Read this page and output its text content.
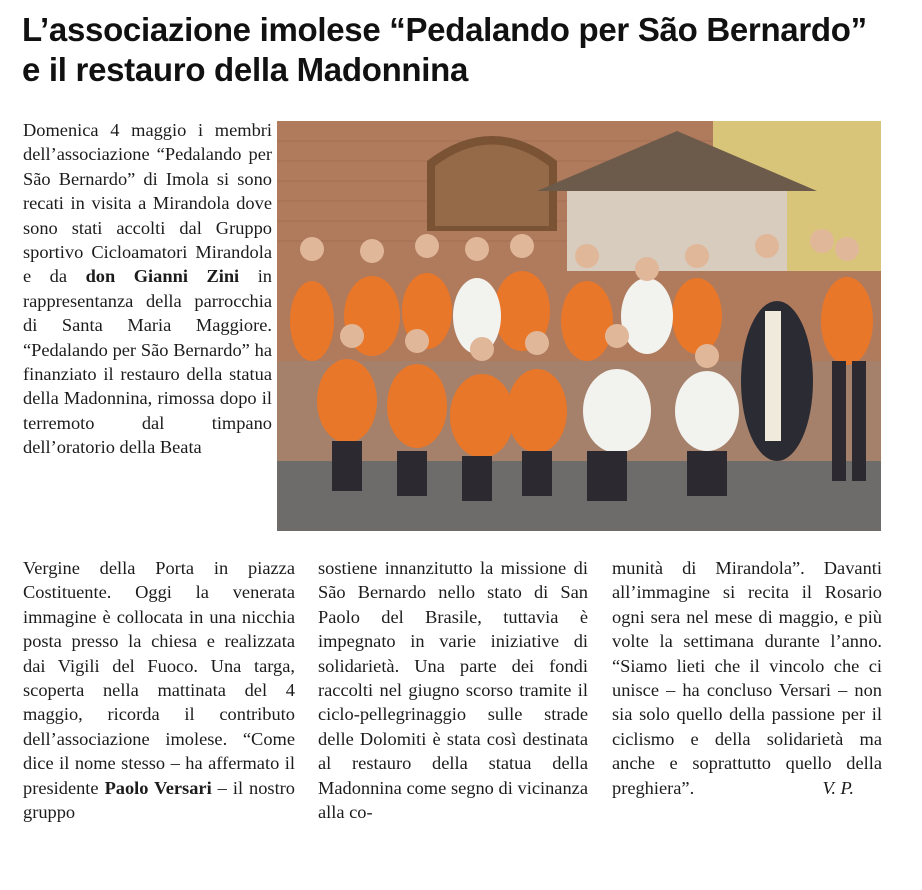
L’associazione imolese “Pedalando per São Bernardo”
e il restauro della Madonnina

Domenica 4 maggio i membri dell’associazione “Pedalando per São Bernardo” di Imola si sono recati in visita a Mirandola dove sono stati accolti dal Gruppo sportivo Cicloamatori Mirandola e da don Gianni Zini in rappresentanza della parrocchia di Santa Maria Maggiore. “Pedalando per São Bernardo” ha finanziato il restauro della statua della Madonnina, rimossa dopo il terremoto dal timpano dell’oratorio della Beata

Vergine della Porta in piazza Costituente. Oggi la venerata immagine è collocata in una nicchia posta presso la chiesa e realizzata dai Vigili del Fuoco. Una targa, scoperta nella mattinata del 4 maggio, ricorda il contributo dell’associazione imolese. “Come dice il nome stesso – ha affermato il presidente Paolo Versari – il nostro gruppo

sostiene innanzitutto la missione di São Bernardo nello stato di San Paolo del Brasile, tuttavia è impegnato in varie iniziative di solidarietà. Una parte dei fondi raccolti nel giugno scorso tramite il ciclo-pellegrinaggio sulle strade delle Dolomiti è stata così destinata al restauro della statua della Madonnina come segno di vicinanza alla co-

munità di Mirandola”. Davanti all’immagine si recita il Rosario ogni sera nel mese di maggio, e più volte la settimana durante l’anno. “Siamo lieti che il vincolo che ci unisce – ha concluso Versari – non sia solo quello della passione per il ciclismo e della solidarietà ma anche e soprattutto quello della preghiera”.	V. P.
